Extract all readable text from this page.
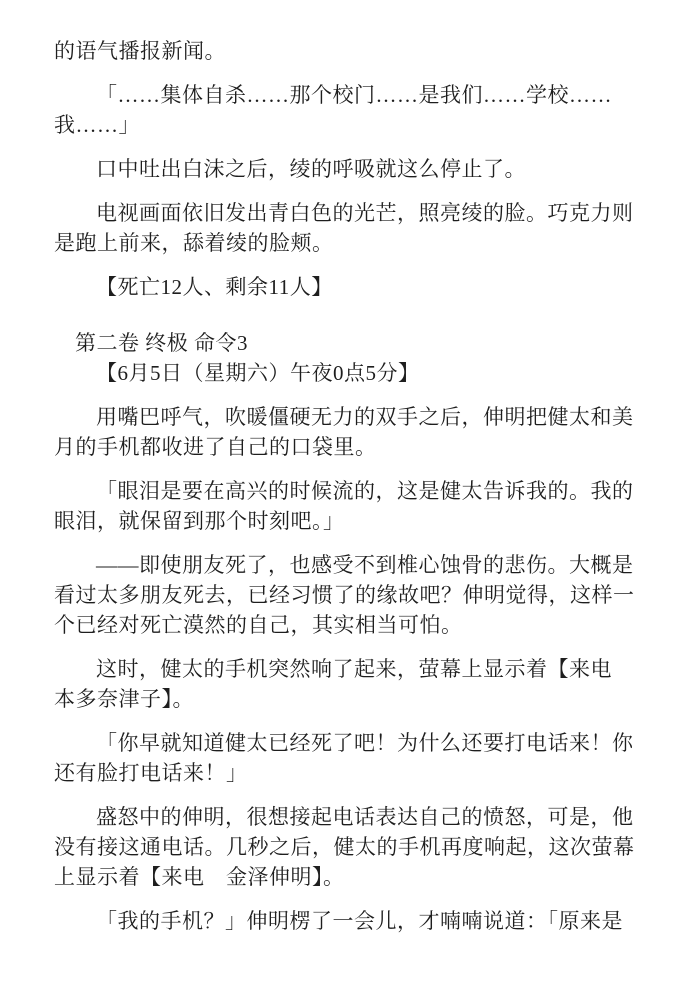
的语气播报新闻。
「……集体自杀……那个校门……是我们……学校……
我……」
口中吐出白沫之后，绫的呼吸就这么停止了。
电视画面依旧发出青白色的光芒，照亮绫的脸。巧克力则
是跑上前来，舔着绫的脸颊。
【死亡12人、剩余11人】
第二卷 终极 命令3
【6月5日（星期六）午夜0点5分】
用嘴巴呼气，吹暖僵硬无力的双手之后，伸明把健太和美
月的手机都收进了自己的口袋里。
「眼泪是要在高兴的时候流的，这是健太告诉我的。我的
眼泪，就保留到那个时刻吧。」
——即使朋友死了，也感受不到椎心蚀骨的悲伤。大概是
看过太多朋友死去，已经习惯了的缘故吧？伸明觉得，这样一
个已经对死亡漠然的自己，其实相当可怕。
这时，健太的手机突然响了起来，萤幕上显示着【来电
本多奈津子】。
「你早就知道健太已经死了吧！为什么还要打电话来！你
还有脸打电话来！」
盛怒中的伸明，很想接起电话表达自己的愤怒，可是，他
没有接这通电话。几秒之后，健太的手机再度响起，这次萤幕
上显示着【来电　金泽伸明】。
「我的手机？」伸明楞了一会儿，才喃喃说道：「原来是
